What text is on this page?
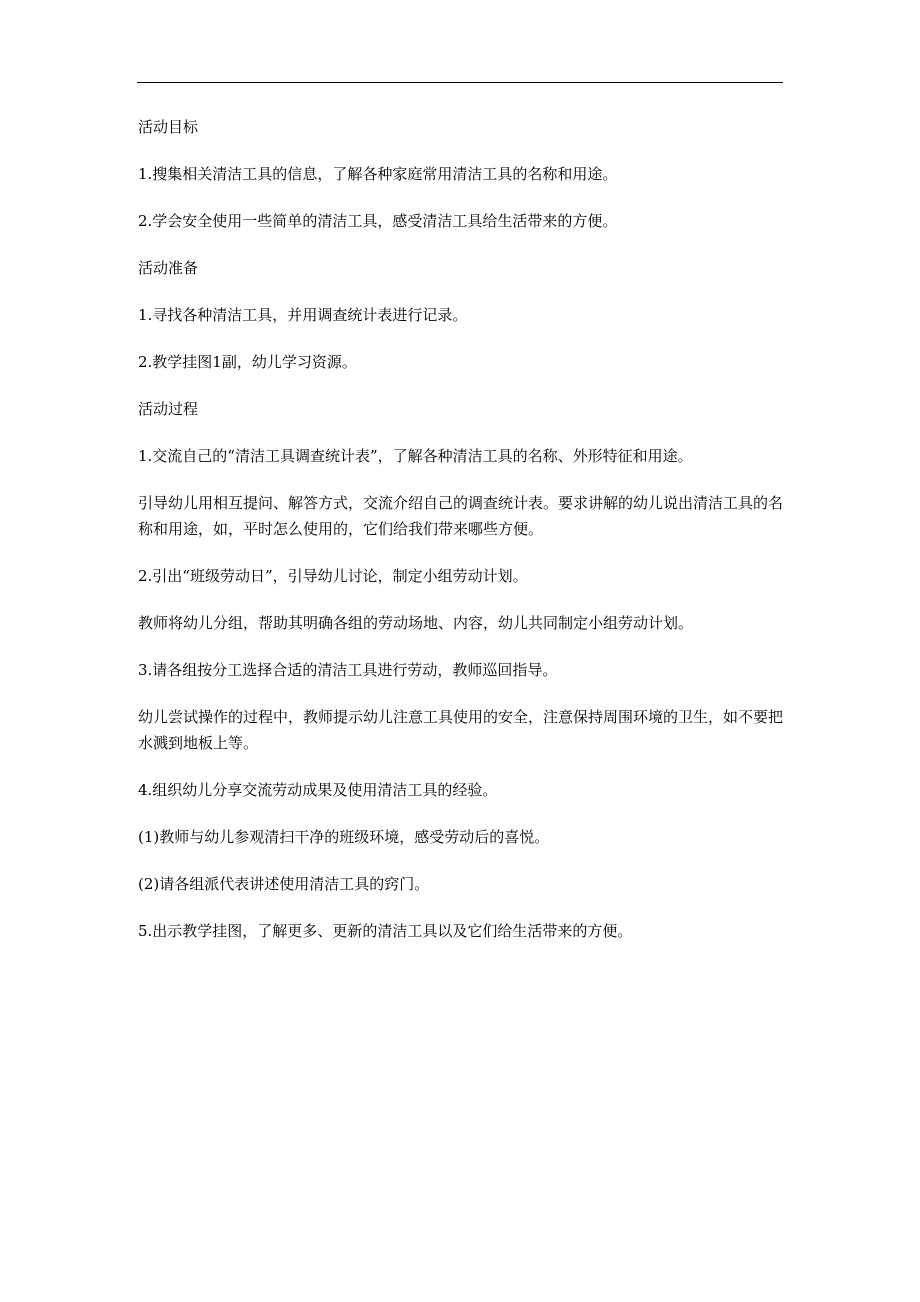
活动目标

1.搜集相关清洁工具的信息，了解各种家庭常用清洁工具的名称和用途。

2.学会安全使用一些简单的清洁工具，感受清洁工具给生活带来的方便。

活动准备

1.寻找各种清洁工具，并用调查统计表进行记录。

2.教学挂图1副，幼儿学习资源。

活动过程

1.交流自己的“清洁工具调查统计表”，了解各种清洁工具的名称、外形特征和用途。

引导幼儿用相互提问、解答方式，交流介绍自己的调查统计表。要求讲解的幼儿说出清洁工具的名称和用途，如，平时怎么使用的，它们给我们带来哪些方便。

2.引出“班级劳动日”，引导幼儿讨论，制定小组劳动计划。

教师将幼儿分组，帮助其明确各组的劳动场地、内容，幼儿共同制定小组劳动计划。

3.请各组按分工选择合适的清洁工具进行劳动，教师巡回指导。

幼儿尝试操作的过程中，教师提示幼儿注意工具使用的安全，注意保持周围环境的卫生，如不要把水溅到地板上等。

4.组织幼儿分享交流劳动成果及使用清洁工具的经验。

(1)教师与幼儿参观清扫干净的班级环境，感受劳动后的喜悦。

(2)请各组派代表讲述使用清洁工具的窍门。

5.出示教学挂图，了解更多、更新的清洁工具以及它们给生活带来的方便。
